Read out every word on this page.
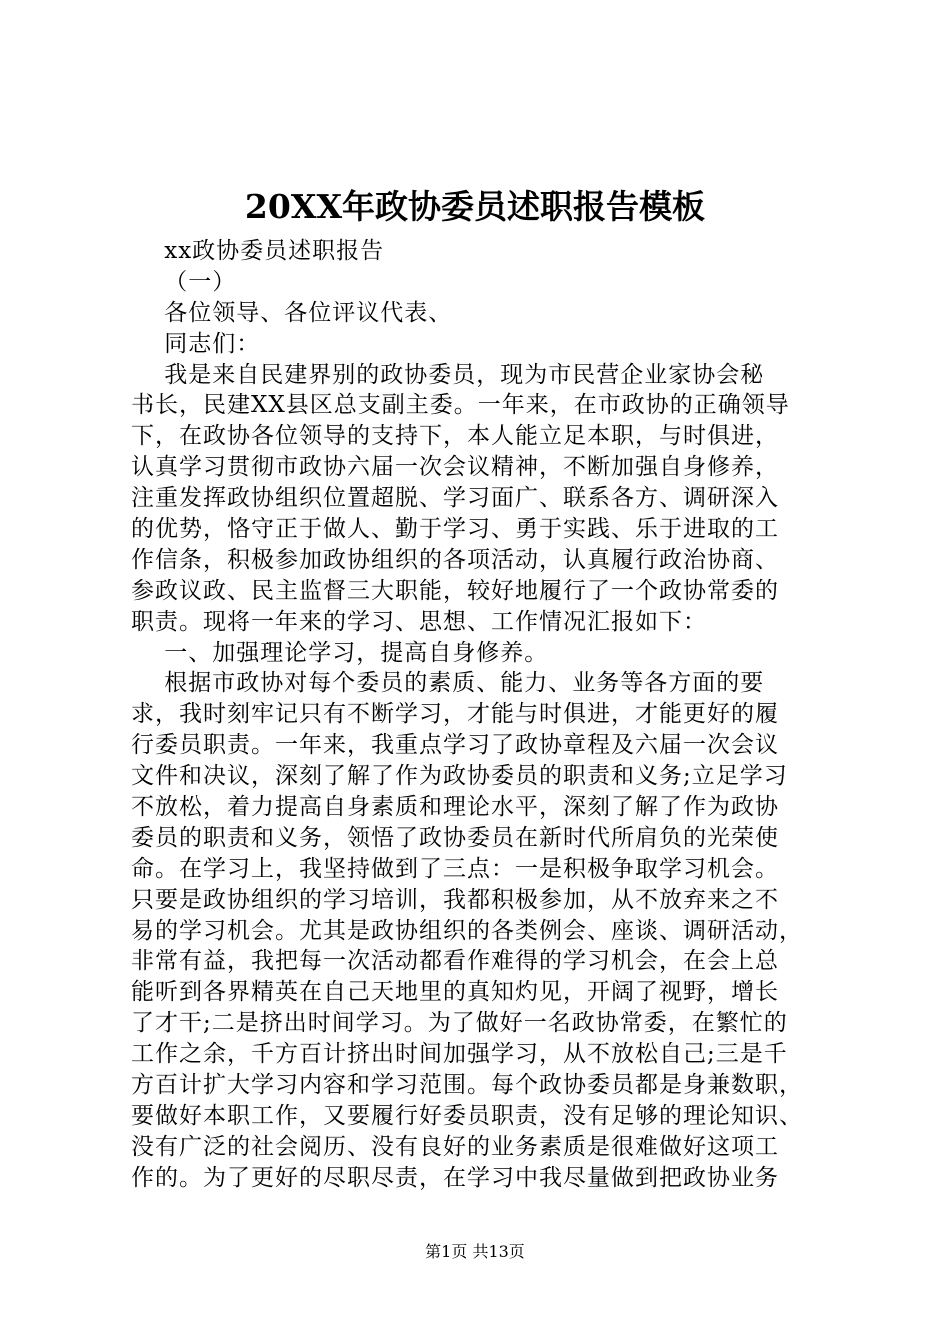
20XX年政协委员述职报告模板
xx政协委员述职报告
（一）
各位领导、各位评议代表、
同志们：
我是来自民建界别的政协委员，现为市民营企业家协会秘
书长，民建XX县区总支副主委。一年来，在市政协的正确领导
下，在政协各位领导的支持下，本人能立足本职，与时俱进，
认真学习贯彻市政协六届一次会议精神，不断加强自身修养，
注重发挥政协组织位置超脱、学习面广、联系各方、调研深入
的优势，恪守正于做人、勤于学习、勇于实践、乐于进取的工
作信条，积极参加政协组织的各项活动，认真履行政治协商、
参政议政、民主监督三大职能，较好地履行了一个政协常委的
职责。现将一年来的学习、思想、工作情况汇报如下：
一、加强理论学习，提高自身修养。
根据市政协对每个委员的素质、能力、业务等各方面的要
求，我时刻牢记只有不断学习，才能与时俱进，才能更好的履
行委员职责。一年来，我重点学习了政协章程及六届一次会议
文件和决议，深刻了解了作为政协委员的职责和义务;立足学习
不放松，着力提高自身素质和理论水平，深刻了解了作为政协
委员的职责和义务，领悟了政协委员在新时代所肩负的光荣使
命。在学习上，我坚持做到了三点：一是积极争取学习机会。
只要是政协组织的学习培训，我都积极参加，从不放弃来之不
易的学习机会。尤其是政协组织的各类例会、座谈、调研活动，
非常有益，我把每一次活动都看作难得的学习机会，在会上总
能听到各界精英在自己天地里的真知灼见，开阔了视野，增长
了才干;二是挤出时间学习。为了做好一名政协常委，在繁忙的
工作之余，千方百计挤出时间加强学习，从不放松自己;三是千
方百计扩大学习内容和学习范围。每个政协委员都是身兼数职，
要做好本职工作，又要履行好委员职责，没有足够的理论知识、
没有广泛的社会阅历、没有良好的业务素质是很难做好这项工
作的。为了更好的尽职尽责，在学习中我尽量做到把政协业务
第1页 共13页
